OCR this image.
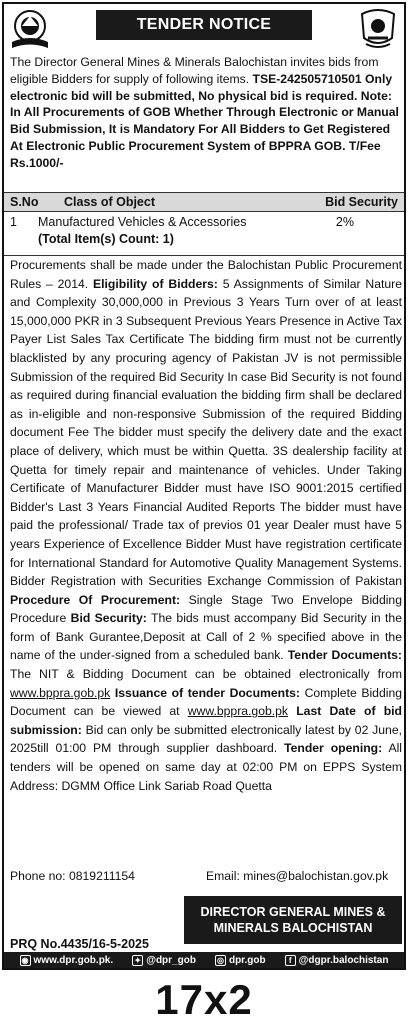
TENDER NOTICE
The Director General Mines & Minerals Balochistan invites bids from eligible Bidders for supply of following items. TSE-242505710501 Only electronic bid will be submitted, No physical bid is required. Note: In All Procurements of GOB Whether Through Electronic or Manual Bid Submission, It is Mandatory For All Bidders to Get Registered At Electronic Public Procurement System of BPPRA GOB. T/Fee Rs.1000/-
S.No Class of Object	Bid Security
1 Manufactured Vehicles & Accessories	2%
(Total Item(s) Count: 1)
Procurements shall be made under the Balochistan Public Procurement Rules – 2014. Eligibility of Bidders: 5 Assignments of Similar Nature and Complexity 30,000,000 in Previous 3 Years Turn over of at least 15,000,000 PKR in 3 Subsequent Previous Years Presence in Active Tax Payer List Sales Tax Certificate The bidding firm must not be currently blacklisted by any procuring agency of Pakistan JV is not permissible Submission of the required Bid Security In case Bid Security is not found as required during financial evaluation the bidding firm shall be declared as in-eligible and non-responsive Submission of the required Bidding document Fee The bidder must specify the delivery date and the exact place of delivery, which must be within Quetta. 3S dealership facility at Quetta for timely repair and maintenance of vehicles. Under Taking Certificate of Manufacturer Bidder must have ISO 9001:2015 certified Bidder's Last 3 Years Financial Audited Reports The bidder must have paid the professional/ Trade tax of previos 01 year Dealer must have 5 years Experience of Excellence Bidder Must have registration certificate for International Standard for Automotive Quality Management Systems. Bidder Registration with Securities Exchange Commission of Pakistan Procedure Of Procurement: Single Stage Two Envelope Bidding Procedure Bid Security: The bids must accompany Bid Security in the form of Bank Gurantee,Deposit at Call of 2 % specified above in the name of the under-signed from a scheduled bank. Tender Documents: The NIT & Bidding Document can be obtained electronically from www.bppra.gob.pk Issuance of tender Documents: Complete Bidding Document can be viewed at www.bppra.gob.pk Last Date of bid submission: Bid can only be submitted electronically latest by 02 June, 2025till 01:00 PM through supplier dashboard. Tender opening: All tenders will be opened on same day at 02:00 PM on EPPS System Address: DGMM Office Link Sariab Road Quetta
Phone no: 0819211154	Email: mines@balochistan.gov.pk
DIRECTOR GENERAL MINES &
MINERALS BALOCHISTAN
PRQ No.4435/16-5-2025
◉ www.dpr.gob.pk.	✦ @dpr_gob	◎ dpr.gob	f @dgpr.balochistan
17x2
